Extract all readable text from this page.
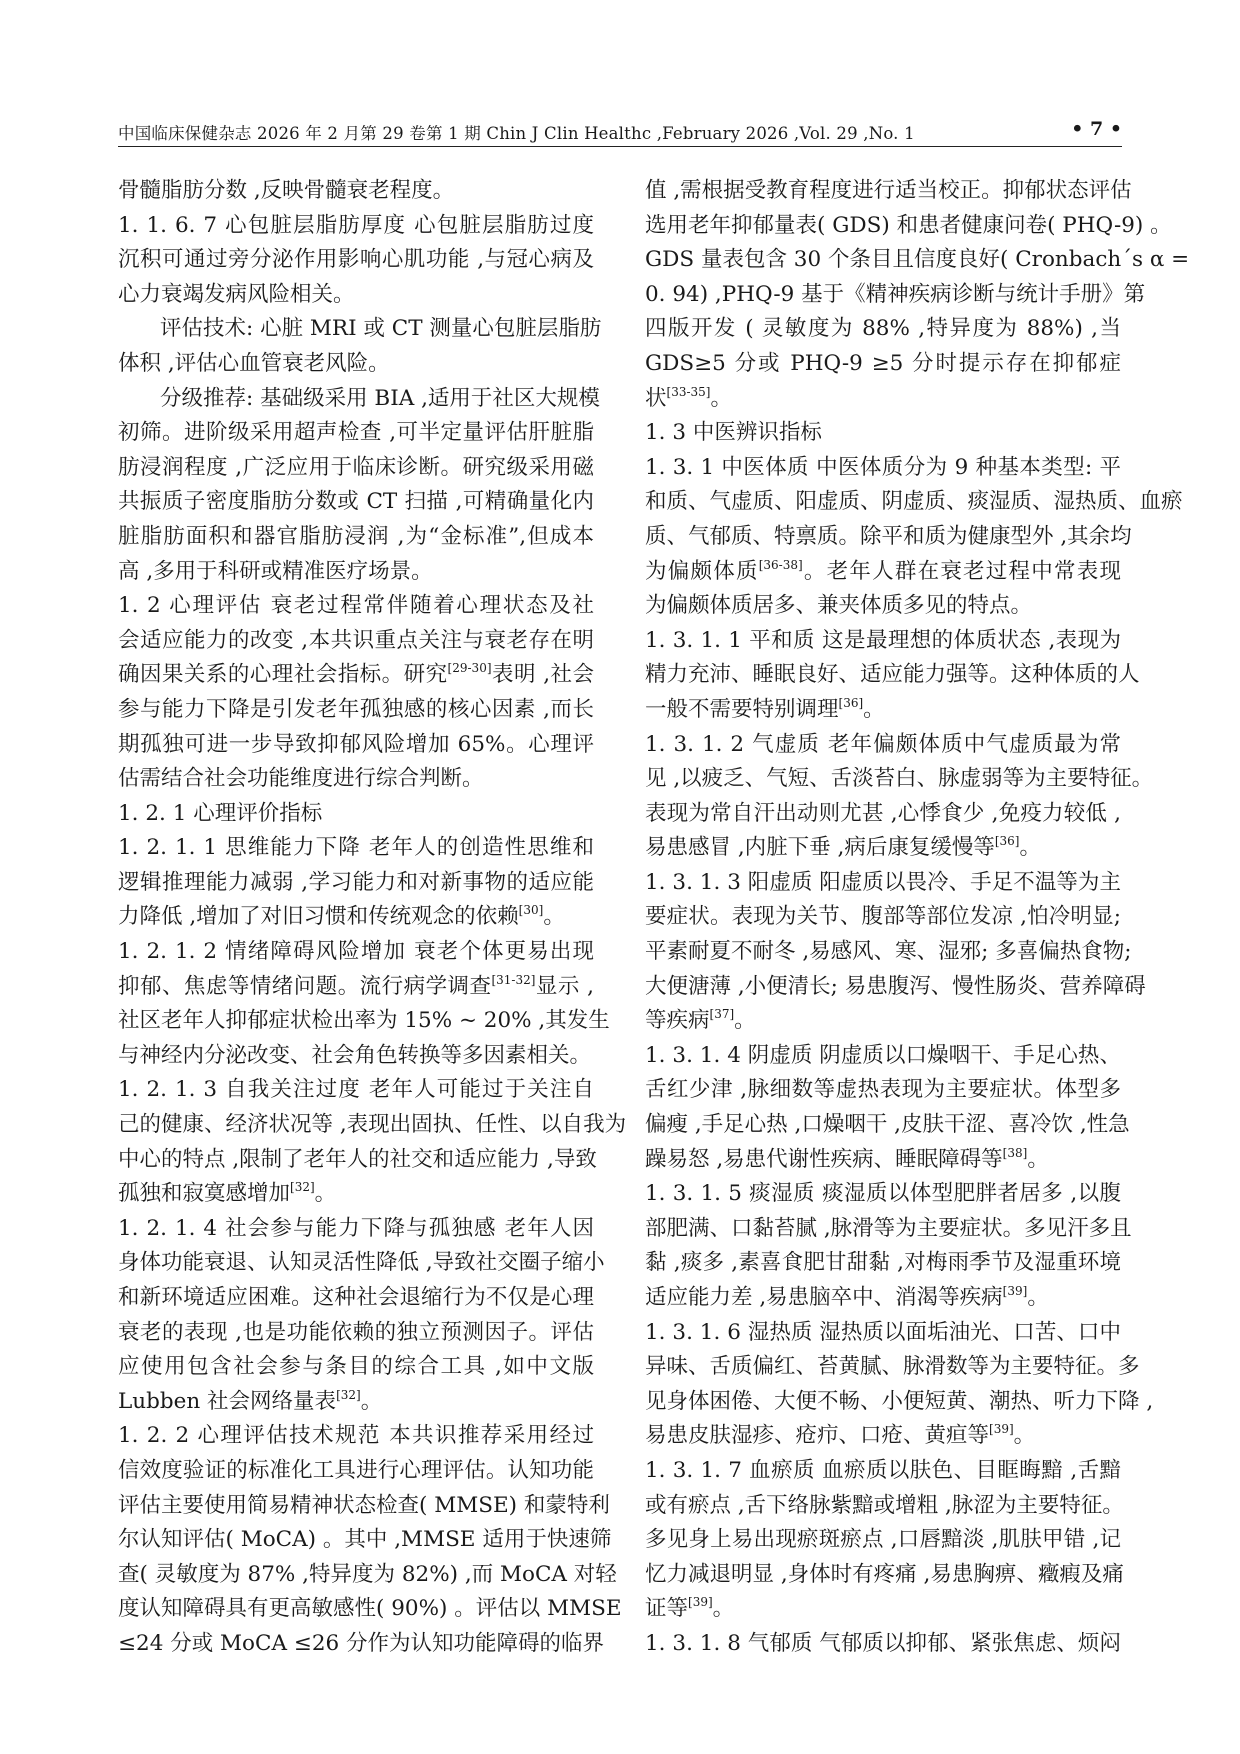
中国临床保健杂志 2026 年 2 月第 29 卷第 1 期 Chin J Clin Healthc ,February 2026 ,Vol. 29 ,No. 1	• 7 •
骨髓脂肪分数 ,反映骨髓衰老程度。
1. 1. 6. 7 心包脏层脂肪厚度 心包脏层脂肪过度
沉积可通过旁分泌作用影响心肌功能 ,与冠心病及
心力衰竭发病风险相关。
评估技术: 心脏 MRI 或 CT 测量心包脏层脂肪
体积 ,评估心血管衰老风险。
分级推荐: 基础级采用 BIA ,适用于社区大规模
初筛。进阶级采用超声检查 ,可半定量评估肝脏脂
肪浸润程度 ,广泛应用于临床诊断。研究级采用磁
共振质子密度脂肪分数或 CT 扫描 ,可精确量化内
脏脂肪面积和器官脂肪浸润 ,为“金标准”,但成本
高 ,多用于科研或精准医疗场景。
1. 2 心理评估 衰老过程常伴随着心理状态及社
会适应能力的改变 ,本共识重点关注与衰老存在明
确因果关系的心理社会指标。研究[29-30]表明 ,社会
参与能力下降是引发老年孤独感的核心因素 ,而长
期孤独可进一步导致抑郁风险增加 65%。心理评
估需结合社会功能维度进行综合判断。
1. 2. 1 心理评价指标
1. 2. 1. 1 思维能力下降 老年人的创造性思维和
逻辑推理能力减弱 ,学习能力和对新事物的适应能
力降低 ,增加了对旧习惯和传统观念的依赖[30]。
1. 2. 1. 2 情绪障碍风险增加 衰老个体更易出现
抑郁、焦虑等情绪问题。流行病学调查[31-32]显示 ,
社区老年人抑郁症状检出率为 15% ~ 20% ,其发生
与神经内分泌改变、社会角色转换等多因素相关。
1. 2. 1. 3 自我关注过度 老年人可能过于关注自
己的健康、经济状况等 ,表现出固执、任性、以自我为
中心的特点 ,限制了老年人的社交和适应能力 ,导致
孤独和寂寞感增加[32]。
1. 2. 1. 4 社会参与能力下降与孤独感 老年人因
身体功能衰退、认知灵活性降低 ,导致社交圈子缩小
和新环境适应困难。这种社会退缩行为不仅是心理
衰老的表现 ,也是功能依赖的独立预测因子。评估
应使用包含社会参与条目的综合工具 ,如中文版
Lubben 社会网络量表[32]。
1. 2. 2 心理评估技术规范 本共识推荐采用经过
信效度验证的标准化工具进行心理评估。认知功能
评估主要使用简易精神状态检查( MMSE) 和蒙特利
尔认知评估( MoCA) 。其中 ,MMSE 适用于快速筛
查( 灵敏度为 87% ,特异度为 82%) ,而 MoCA 对轻
度认知障碍具有更高敏感性( 90%) 。评估以 MMSE
≤24 分或 MoCA ≤26 分作为认知功能障碍的临界
值 ,需根据受教育程度进行适当校正。抑郁状态评估
选用老年抑郁量表( GDS) 和患者健康问卷( PHQ-9) 。
GDS 量表包含 30 个条目且信度良好( Cronbach´s α =
0. 94) ,PHQ-9 基于《精神疾病诊断与统计手册》第
四版开发 ( 灵敏度为 88% ,特异度为 88%) ,当
GDS≥5 分或 PHQ-9 ≥5 分时提示存在抑郁症
状[33-35]。
1. 3 中医辨识指标
1. 3. 1 中医体质 中医体质分为 9 种基本类型: 平
和质、气虚质、阳虚质、阴虚质、痰湿质、湿热质、血瘀
质、气郁质、特禀质。除平和质为健康型外 ,其余均
为偏颇体质[36-38]。老年人群在衰老过程中常表现
为偏颇体质居多、兼夹体质多见的特点。
1. 3. 1. 1 平和质 这是最理想的体质状态 ,表现为
精力充沛、睡眠良好、适应能力强等。这种体质的人
一般不需要特别调理[36]。
1. 3. 1. 2 气虚质 老年偏颇体质中气虚质最为常
见 ,以疲乏、气短、舌淡苔白、脉虚弱等为主要特征。
表现为常自汗出动则尤甚 ,心悸食少 ,免疫力较低 ,
易患感冒 ,内脏下垂 ,病后康复缓慢等[36]。
1. 3. 1. 3 阳虚质 阳虚质以畏冷、手足不温等为主
要症状。表现为关节、腹部等部位发凉 ,怕冷明显;
平素耐夏不耐冬 ,易感风、寒、湿邪; 多喜偏热食物;
大便溏薄 ,小便清长; 易患腹泻、慢性肠炎、营养障碍
等疾病[37]。
1. 3. 1. 4 阴虚质 阴虚质以口燥咽干、手足心热、
舌红少津 ,脉细数等虚热表现为主要症状。体型多
偏瘦 ,手足心热 ,口燥咽干 ,皮肤干涩、喜冷饮 ,性急
躁易怒 ,易患代谢性疾病、睡眠障碍等[38]。
1. 3. 1. 5 痰湿质 痰湿质以体型肥胖者居多 ,以腹
部肥满、口黏苔腻 ,脉滑等为主要症状。多见汗多且
黏 ,痰多 ,素喜食肥甘甜黏 ,对梅雨季节及湿重环境
适应能力差 ,易患脑卒中、消渴等疾病[39]。
1. 3. 1. 6 湿热质 湿热质以面垢油光、口苦、口中
异味、舌质偏红、苔黄腻、脉滑数等为主要特征。多
见身体困倦、大便不畅、小便短黄、潮热、听力下降 ,
易患皮肤湿疹、疮疖、口疮、黄疸等[39]。
1. 3. 1. 7 血瘀质 血瘀质以肤色、目眶晦黯 ,舌黯
或有瘀点 ,舌下络脉紫黯或增粗 ,脉涩为主要特征。
多见身上易出现瘀斑瘀点 ,口唇黯淡 ,肌肤甲错 ,记
忆力减退明显 ,身体时有疼痛 ,易患胸痹、癥瘕及痛
证等[39]。
1. 3. 1. 8 气郁质 气郁质以抑郁、紧张焦虑、烦闷
